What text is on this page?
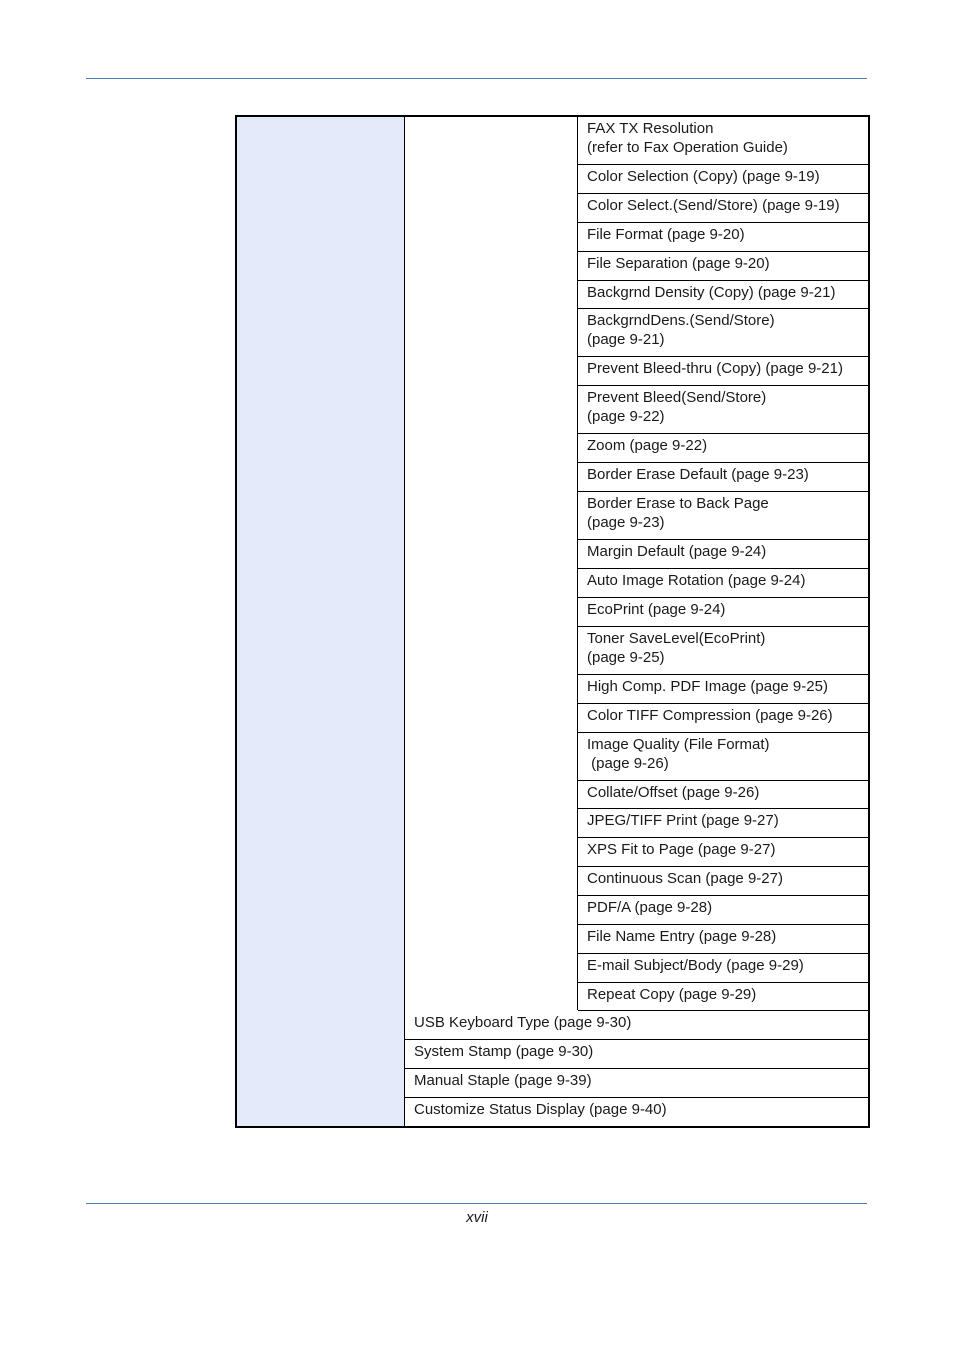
FAX TX Resolution
(refer to Fax Operation Guide)
Color Selection (Copy) (page 9-19)
Color Select.(Send/Store) (page 9-19)
File Format (page 9-20)
File Separation (page 9-20)
Backgrnd Density (Copy) (page 9-21)
BackgrndDens.(Send/Store)
(page 9-21)
Prevent Bleed-thru (Copy) (page 9-21)
Prevent Bleed(Send/Store)
(page 9-22)
Zoom (page 9-22)
Border Erase Default (page 9-23)
Border Erase to Back Page
(page 9-23)
Margin Default (page 9-24)
Auto Image Rotation (page 9-24)
EcoPrint (page 9-24)
Toner SaveLevel(EcoPrint)
(page 9-25)
High Comp. PDF Image (page 9-25)
Color TIFF Compression (page 9-26)
Image Quality (File Format)
(page 9-26)
Collate/Offset (page 9-26)
JPEG/TIFF Print (page 9-27)
XPS Fit to Page (page 9-27)
Continuous Scan (page 9-27)
PDF/A (page 9-28)
File Name Entry (page 9-28)
E-mail Subject/Body (page 9-29)
Repeat Copy (page 9-29)
USB Keyboard Type (page 9-30)
System Stamp (page 9-30)
Manual Staple (page 9-39)
Customize Status Display (page 9-40)
xvii
